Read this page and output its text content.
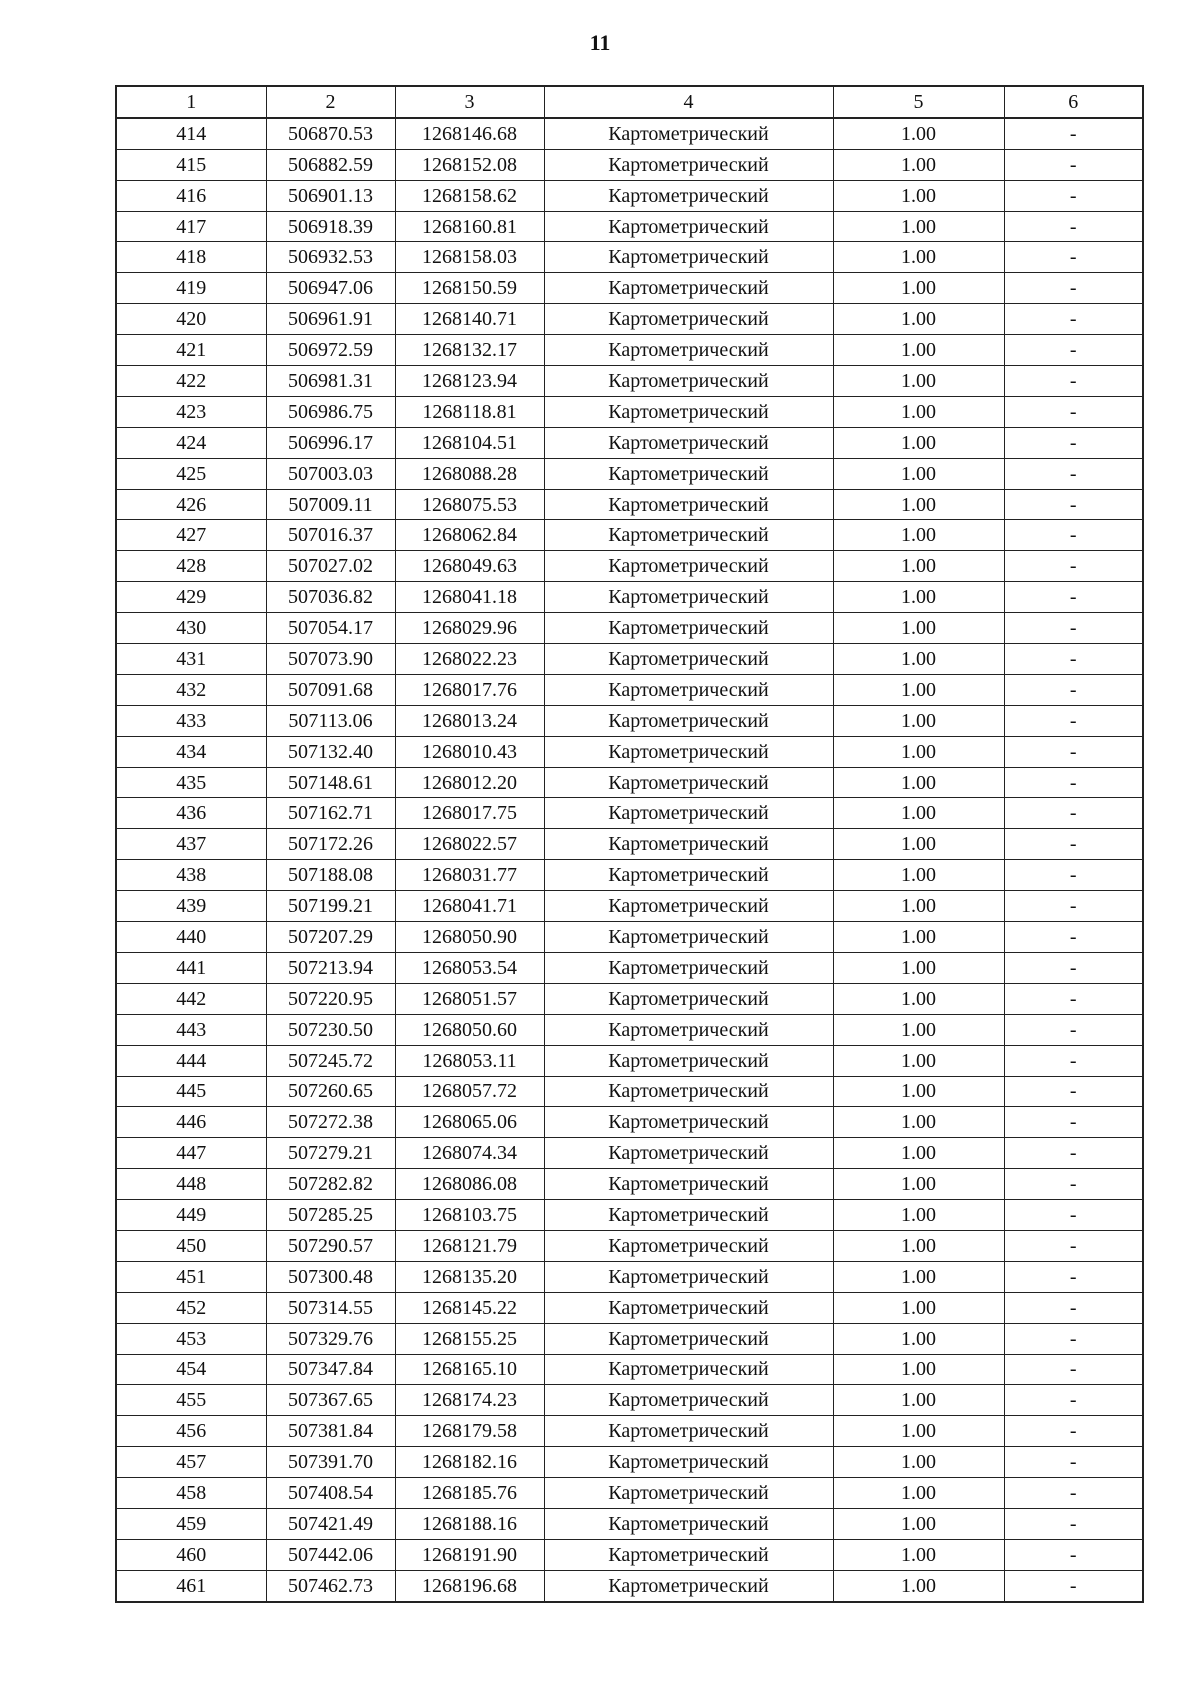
11
1	2	3	4	5	6
414	506870.53	1268146.68	Картометрический	1.00	-
415	506882.59	1268152.08	Картометрический	1.00	-
416	506901.13	1268158.62	Картометрический	1.00	-
417	506918.39	1268160.81	Картометрический	1.00	-
418	506932.53	1268158.03	Картометрический	1.00	-
419	506947.06	1268150.59	Картометрический	1.00	-
420	506961.91	1268140.71	Картометрический	1.00	-
421	506972.59	1268132.17	Картометрический	1.00	-
422	506981.31	1268123.94	Картометрический	1.00	-
423	506986.75	1268118.81	Картометрический	1.00	-
424	506996.17	1268104.51	Картометрический	1.00	-
425	507003.03	1268088.28	Картометрический	1.00	-
426	507009.11	1268075.53	Картометрический	1.00	-
427	507016.37	1268062.84	Картометрический	1.00	-
428	507027.02	1268049.63	Картометрический	1.00	-
429	507036.82	1268041.18	Картометрический	1.00	-
430	507054.17	1268029.96	Картометрический	1.00	-
431	507073.90	1268022.23	Картометрический	1.00	-
432	507091.68	1268017.76	Картометрический	1.00	-
433	507113.06	1268013.24	Картометрический	1.00	-
434	507132.40	1268010.43	Картометрический	1.00	-
435	507148.61	1268012.20	Картометрический	1.00	-
436	507162.71	1268017.75	Картометрический	1.00	-
437	507172.26	1268022.57	Картометрический	1.00	-
438	507188.08	1268031.77	Картометрический	1.00	-
439	507199.21	1268041.71	Картометрический	1.00	-
440	507207.29	1268050.90	Картометрический	1.00	-
441	507213.94	1268053.54	Картометрический	1.00	-
442	507220.95	1268051.57	Картометрический	1.00	-
443	507230.50	1268050.60	Картометрический	1.00	-
444	507245.72	1268053.11	Картометрический	1.00	-
445	507260.65	1268057.72	Картометрический	1.00	-
446	507272.38	1268065.06	Картометрический	1.00	-
447	507279.21	1268074.34	Картометрический	1.00	-
448	507282.82	1268086.08	Картометрический	1.00	-
449	507285.25	1268103.75	Картометрический	1.00	-
450	507290.57	1268121.79	Картометрический	1.00	-
451	507300.48	1268135.20	Картометрический	1.00	-
452	507314.55	1268145.22	Картометрический	1.00	-
453	507329.76	1268155.25	Картометрический	1.00	-
454	507347.84	1268165.10	Картометрический	1.00	-
455	507367.65	1268174.23	Картометрический	1.00	-
456	507381.84	1268179.58	Картометрический	1.00	-
457	507391.70	1268182.16	Картометрический	1.00	-
458	507408.54	1268185.76	Картометрический	1.00	-
459	507421.49	1268188.16	Картометрический	1.00	-
460	507442.06	1268191.90	Картометрический	1.00	-
461	507462.73	1268196.68	Картометрический	1.00	-
